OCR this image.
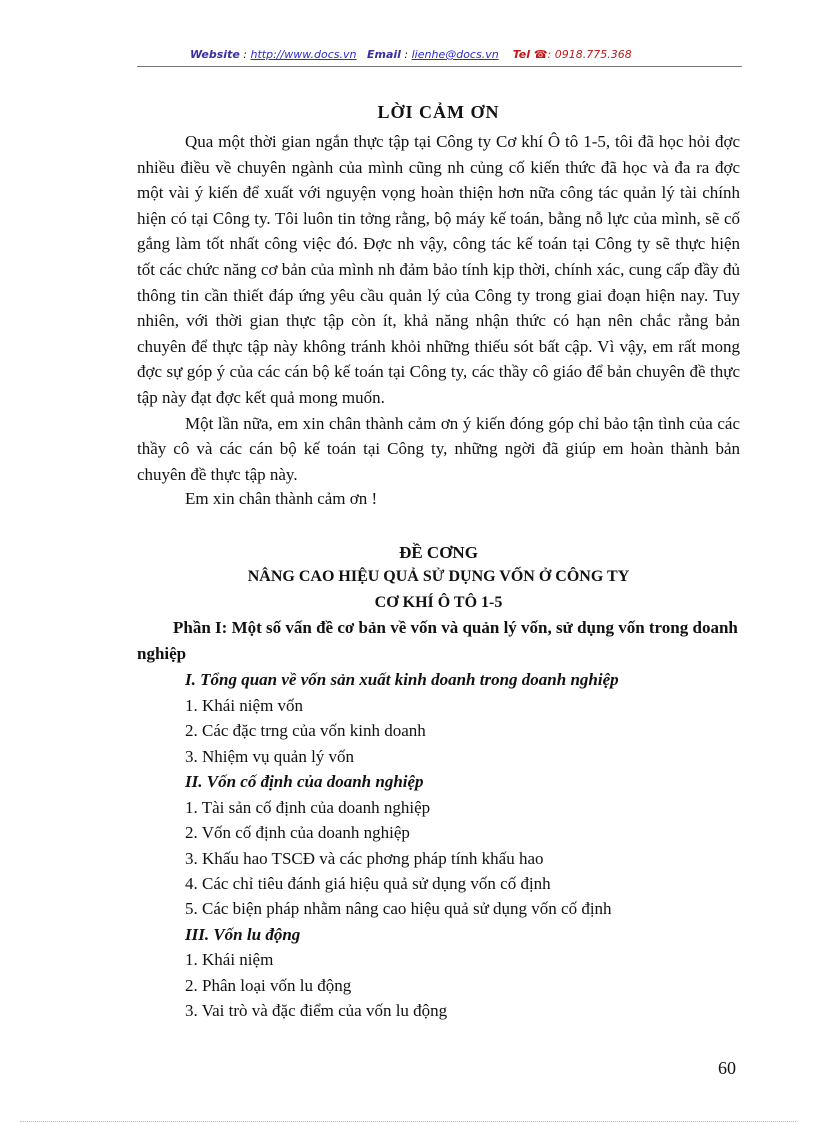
Website : http://www.docs.vn Email : lienhe@docs.vn Tel ☎: 0918.775.368
LỜI CẢM ƠN

Qua một thời gian ngắn thực tập tại Công ty Cơ khí Ô tô 1-5, tôi đã học hỏi đợc nhiều điều về chuyên ngành của mình cũng nh củng cố kiến thức đã học và đa ra đợc một vài ý kiến để xuất với nguyện vọng hoàn thiện hơn nữa công tác quản lý tài chính hiện có tại Công ty. Tôi luôn tin tởng rằng, bộ máy kế toán, bằng nỗ lực của mình, sẽ cố gắng làm tốt nhất công việc đó. Đợc nh vậy, công tác kế toán tại Công ty sẽ thực hiện tốt các chức năng cơ bản của mình nh đảm bảo tính kịp thời, chính xác, cung cấp đầy đủ thông tin cần thiết đáp ứng yêu cầu quản lý của Công ty trong giai đoạn hiện nay. Tuy nhiên, với thời gian thực tập còn ít, khả năng nhận thức có hạn nên chắc rằng bản chuyên để thực tập này không tránh khỏi những thiếu sót bất cập. Vì vậy, em rất mong đợc sự góp ý của các cán bộ kế toán tại Công ty, các thầy cô giáo để bản chuyên đề thực tập này đạt đợc kết quả mong muốn.

Một lần nữa, em xin chân thành cảm ơn ý kiến đóng góp chỉ bảo tận tình của các thầy cô và các cán bộ kế toán tại Công ty, những ngời đã giúp em hoàn thành bản chuyên đề thực tập này.

Em xin chân thành cảm ơn !

ĐỀ CƠNG
NÂNG CAO HIỆU QUẢ SỬ DỤNG VỐN Ở CÔNG TY
CƠ KHÍ Ô TÔ 1-5

Phần I: Một số vấn đề cơ bản về vốn và quản lý vốn, sử dụng vốn trong doanh nghiệp

I. Tổng quan về vốn sản xuất kinh doanh trong doanh nghiệp

1. Khái niệm vốn

2. Các đặc trng của vốn kinh doanh

3. Nhiệm vụ quản lý vốn

II. Vốn cố định của doanh nghiệp

1. Tài sản cố định của doanh nghiệp

2. Vốn cố định của doanh nghiệp

3. Khấu hao TSCĐ và các phơng pháp tính khấu hao

4. Các chỉ tiêu đánh giá hiệu quả sử dụng vốn cố định

5. Các biện pháp nhằm nâng cao hiệu quả sử dụng vốn cố định

III. Vốn lu động

1. Khái niệm

2. Phân loại vốn lu động

3. Vai trò và đặc điểm của vốn lu động

60
